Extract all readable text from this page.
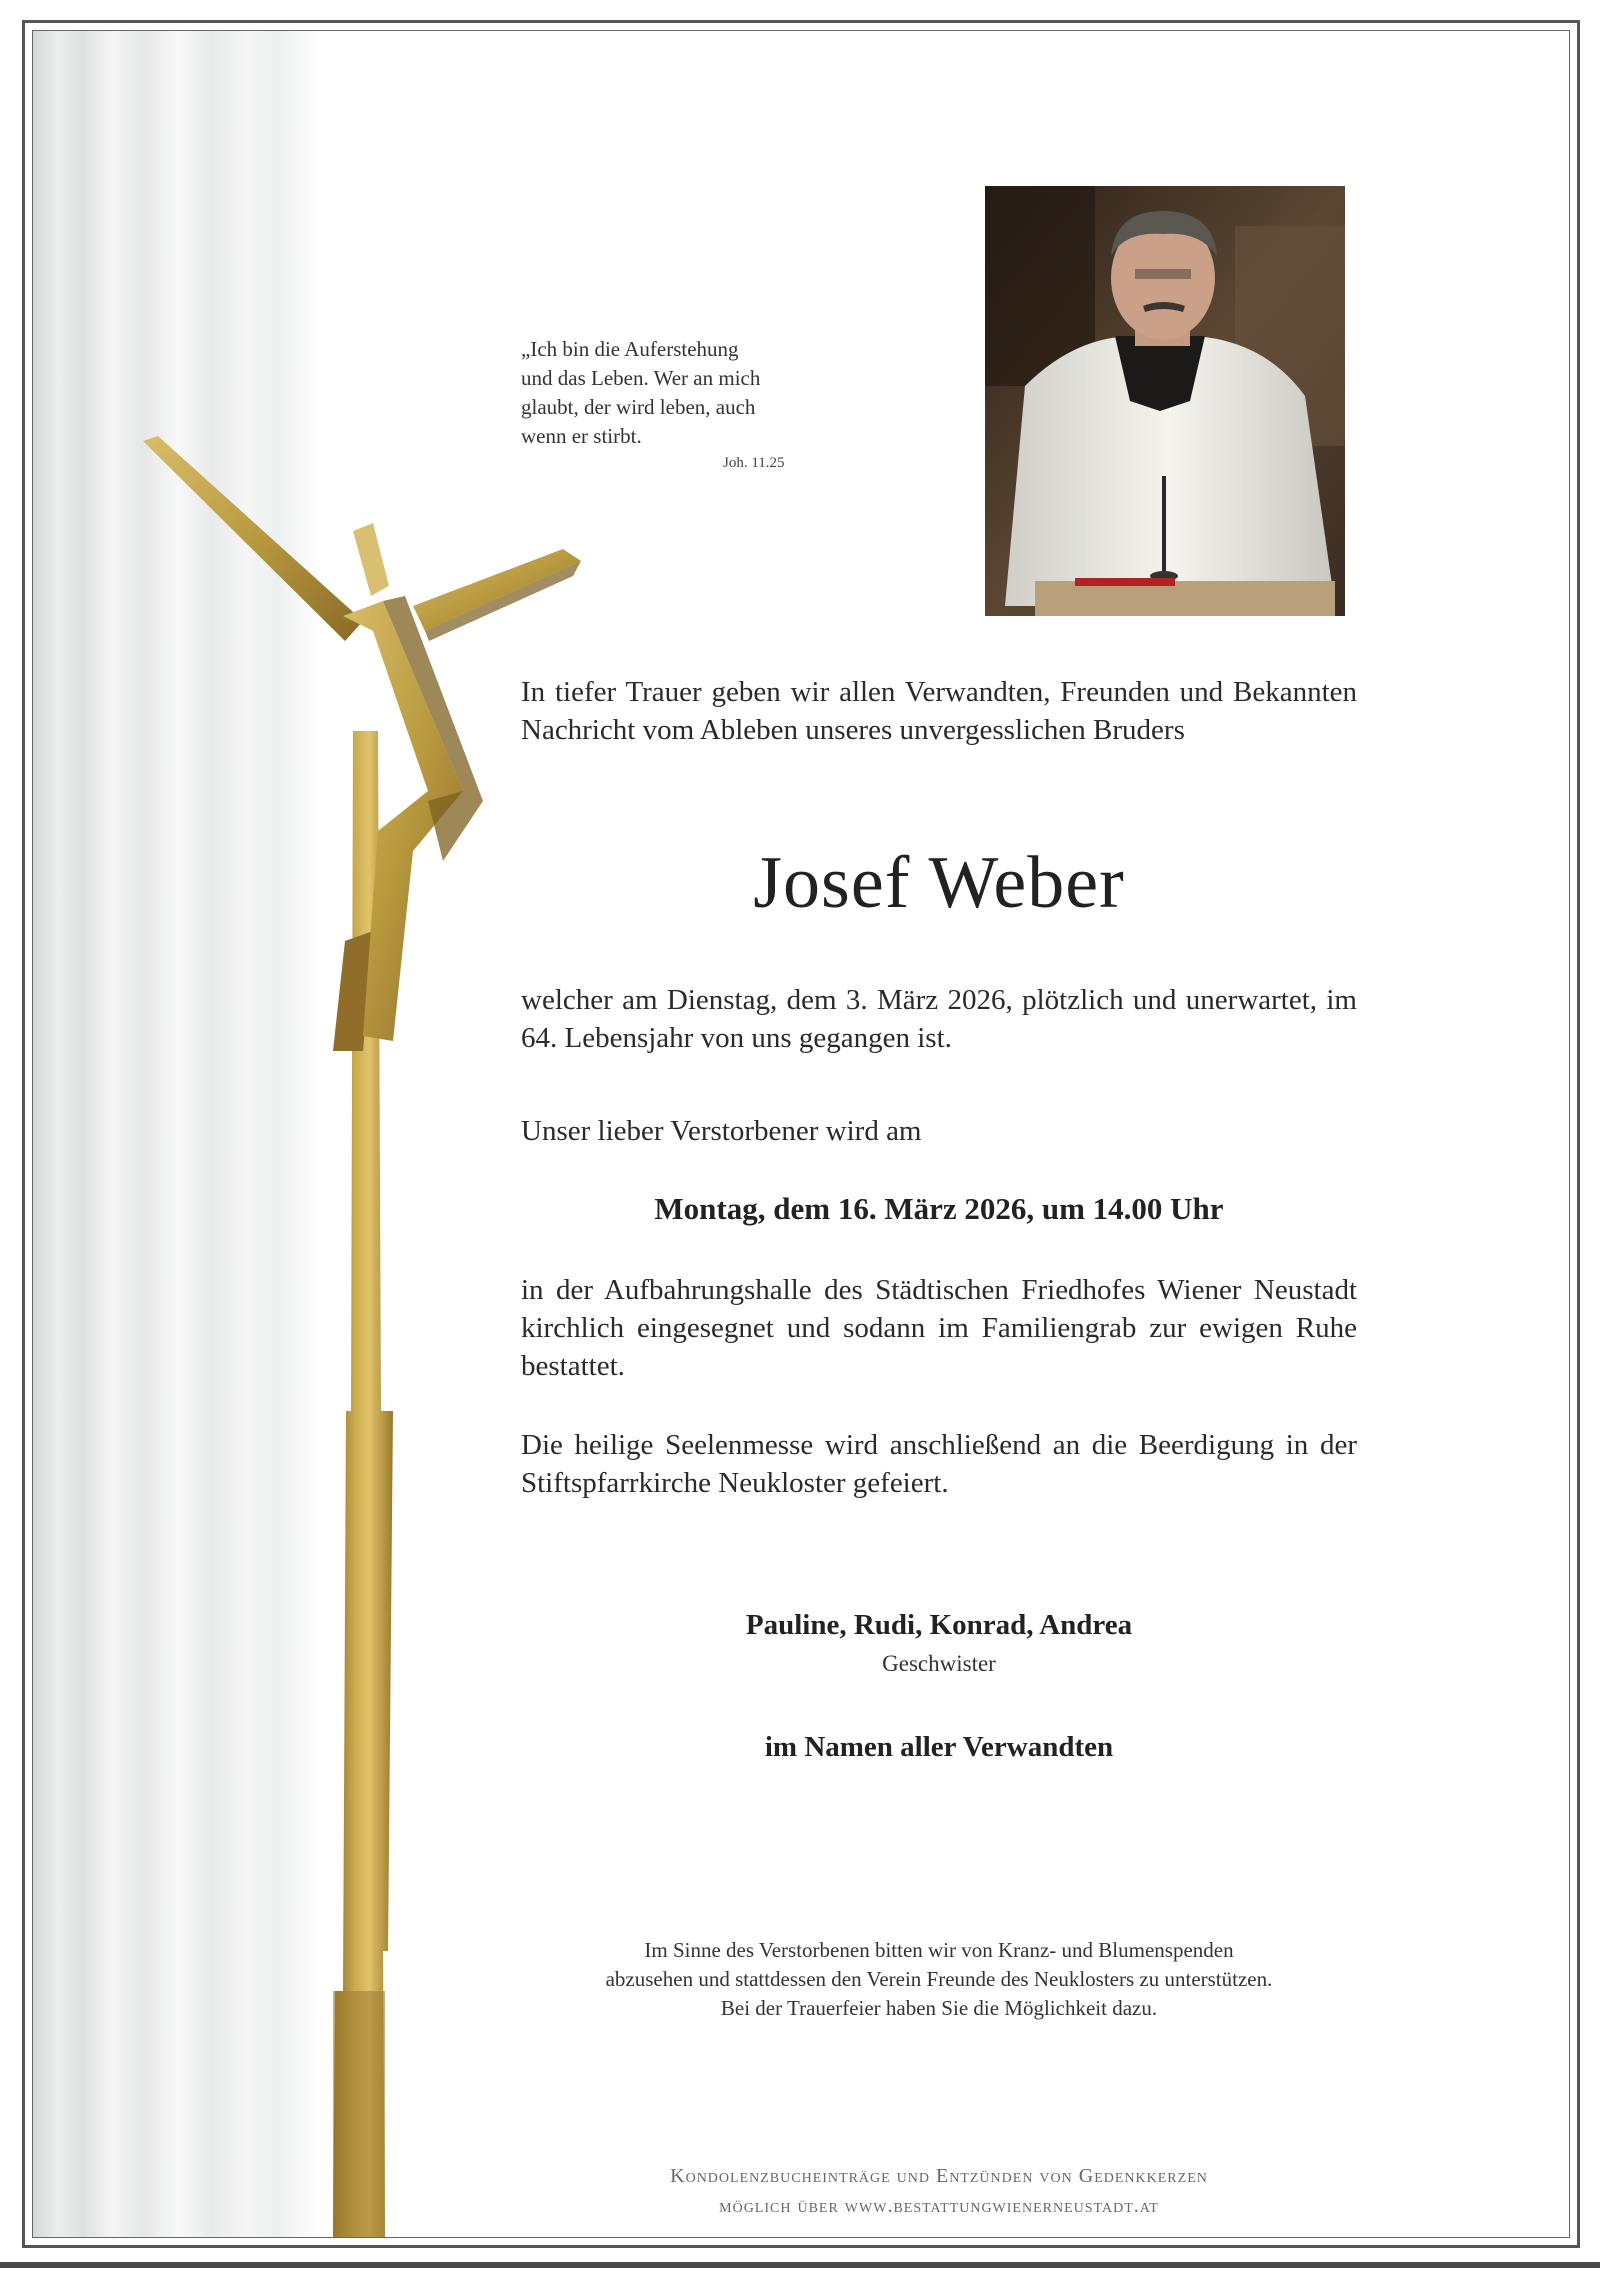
„Ich bin die Auferstehung
und das Leben. Wer an mich
glaubt, der wird leben, auch
wenn er stirbt.
Joh. 11.25
In tiefer Trauer geben wir allen Verwandten, Freunden und Bekannten Nachricht vom Ableben unseres unvergesslichen Bruders
Josef Weber
welcher am Dienstag, dem 3. März 2026, plötzlich und unerwartet, im 64. Lebensjahr von uns gegangen ist.
Unser lieber Verstorbener wird am
Montag, dem 16. März 2026, um 14.00 Uhr
in der Aufbahrungshalle des Städtischen Friedhofes Wiener Neustadt kirchlich eingesegnet und sodann im Familiengrab zur ewigen Ruhe bestattet.
Die heilige Seelenmesse wird anschließend an die Beerdigung in der Stiftspfarrkirche Neukloster gefeiert.
Pauline, Rudi, Konrad, Andrea
Geschwister
im Namen aller Verwandten
Im Sinne des Verstorbenen bitten wir von Kranz- und Blumenspenden
abzusehen und stattdessen den Verein Freunde des Neuklosters zu unterstützen.
Bei der Trauerfeier haben Sie die Möglichkeit dazu.
Kondolenzbucheinträge und Entzünden von Gedenkkerzen
möglich über www.bestattungwienerneustadt.at
